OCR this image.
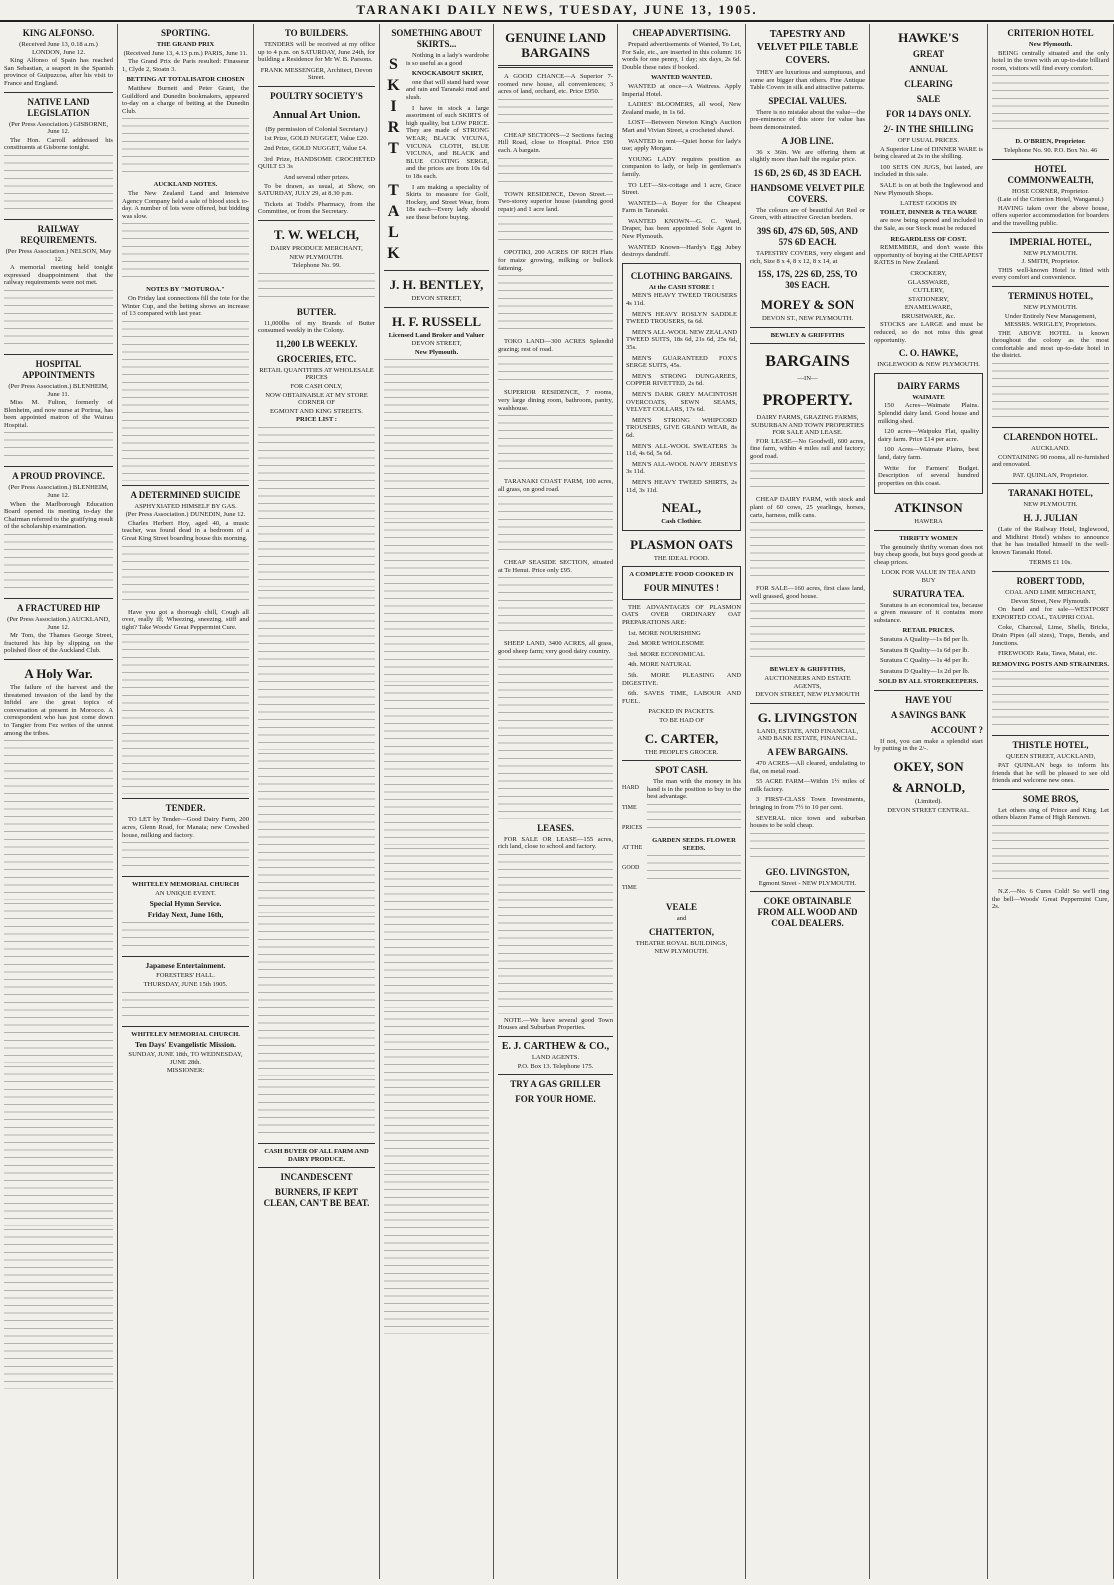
TARANAKI DAILY NEWS, TUESDAY, JUNE 13, 1905.
KING ALFONSO.
(Received June 13, 0.18 a.m.) LONDON, June 12.
King Alfonso of Spain has reached San Sebastian, a seaport in the Spanish province of Guipuzcoa, after his visit to France and England.
NATIVE LAND LEGISLATION
(Per Press Association.) GISBORNE, June 12.
The Hon. Carroll addressed his constituents at Gisborne tonight.
RAILWAY REQUIREMENTS.
(Per Press Association.) NELSON, May 12.
A memorial meeting held tonight expressed disappointment that the railway requirements were not met.
HOSPITAL APPOINTMENTS
(Per Press Association.) BLENHEIM, June 11.
Miss M. Fulton, formerly of Blenheim, and now nurse at Porirua, has been appointed matron of the Wairau Hospital.
A PROUD PROVINCE.
(Per Press Association.) BLENHEIM, June 12.
When the Marlborough Education Board opened its meeting to-day the Chairman referred to the gratifying result of the scholarship examination.
A FRACTURED HIP
(Per Press Association.) AUCKLAND, June 12.
Mr Tom, the Thames George Street, fractured his hip by slipping on the polished floor of the Auckland Club.
A Holy War.
The failure of the harvest and the threatened invasion of the land by the Infidel are the great topics of conversation at present in Morocco. A correspondent who has just come down to Tangier from Fez writes of the unrest among the tribes.
SPORTING.
THE GRAND PRIX
(Received June 13, 4.13 p.m.) PARIS, June 11.
The Grand Prix de Paris resulted: Finasseur 1, Clyde 2, Stoatn 3.
BETTING AT TOTALISATOR CHOSEN
Matthew Burnett and Peter Grant, the Guildford and Dunedin bookmakers, appeared to-day on a charge of betting at the Dunedin Club.
AUCKLAND NOTES.
The New Zealand Land and Intensive Agency Company held a sale of blood stock to-day. A number of lots were offered, but bidding was slow.
NOTES BY "MOTUROA."
On Friday last connections fill the tote for the Winter Cup, and the betting shows an increase of 13 compared with last year.
A DETERMINED SUICIDE
ASPHYXIATED HIMSELF BY GAS.
(Per Press Association.) DUNEDIN, June 12.
Charles Herbert Hoy, aged 40, a music teacher, was found dead in a bedroom of a Great King Street boarding house this morning.
Have you got a thorough chill, Cough all over, really ill; Wheezing, sneezing, stiff and tight? Take Woods' Great Peppermint Cure.
TENDER.
TO LET by Tender—Good Dairy Farm, 200 acres, Glenn Road, for Manaia; new Cowshed house, milking and factory.
WHITELEY MEMORIAL CHURCH
AN UNIQUE EVENT.
Special Hymn Service.
Friday Next, June 16th,
Japanese Entertainment.
FORESTERS' HALL.
THURSDAY, JUNE 15th 1905.
WHITELEY MEMORIAL CHURCH.
Ten Days' Evangelistic Mission.
SUNDAY, JUNE 18th, TO WEDNESDAY, JUNE 28th.
MISSIONER:
TO BUILDERS.
TENDERS will be received at my office up to 4 p.m. on SATURDAY, June 24th, for building a Residence for Mr W. B. Parsons.
FRANK MESSENGER, Architect, Devon Street.
POULTRY SOCIETY'S
Annual Art Union.
(By permission of Colonial Secretary.)
1st Prize, GOLD NUGGET, Value £20.
2nd Prize, GOLD NUGGET, Value £4.
3rd Prize, HANDSOME CROCHETED QUILT £3 3s
And several other prizes.
To be drawn, as usual, at Show, on SATURDAY, JULY 29, at 8.30 p.m.
Tickets at Todd's Pharmacy, from the Committee, or from the Secretary.
T. W. WELCH,
DAIRY PRODUCE MERCHANT,
NEW PLYMOUTH.
Telephone No. 99.
BUTTER.
11,000lbs of my Brands of Butter consumed weekly in the Colony.
11,200 LB WEEKLY.
GROCERIES, ETC.
RETAIL QUANTITIES AT WHOLESALE PRICES
FOR CASH ONLY,
NOW OBTAINABLE AT MY STORE CORNER OF
EGMONT AND KING STREETS.
PRICE LIST :
CASH BUYER OF ALL FARM AND DAIRY PRODUCE.
INCANDESCENT
BURNERS, IF KEPT CLEAN, CAN'T BE BEAT.
SOMETHING ABOUT SKIRTS...
SKIRT TALK
Nothing in a lady's wardrobe is so useful as a good
KNOCKABOUT SKIRT,
one that will stand hard wear and rain and Taranaki mud and slush.
I have in stock a large assortment of such SKIRTS of high quality, but LOW PRICE. They are made of STRONG WEAR; BLACK VICUNA, VICUNA CLOTH, BLUE VICUNA, and BLACK and BLUE COATING SERGE, and the prices are from 10s 6d to 18s each.
I am making a speciality of Skirts to measure for Golf, Hockey, and Street Wear, from 18s each—Every lady should see these before buying.
J. H. BENTLEY,
DEVON STREET,
H. F. RUSSELL
Licensed Land Broker and Valuer
DEVON STREET,
New Plymouth.
GENUINE LAND BARGAINS
A GOOD CHANCE—A Superior 7-roomed new house, all conveniences; 3 acres of land, orchard, etc. Price £950.
CHEAP SECTIONS—2 Sections facing Hill Road, close to Hospital. Price £90 each. A bargain.
TOWN RESIDENCE, Devon Street.—Two-storey superior house (standing good repair) and 1 acre land.
OPOTIKI, 200 ACRES OF RICH Flats for maize growing, milking or bullock fattening.
TOKO LAND—300 ACRES Splendid grazing; rest of road.
SUPERIOR RESIDENCE, 7 rooms, very large dining room, bathroom, pantry, washhouse.
TARANAKI COAST FARM, 100 acres, all grass, on good road.
CHEAP SEASIDE SECTION, situated at Te Henui. Price only £95.
SHEEP LAND, 3400 ACRES, all grass, good sheep farm; very good dairy country.
LEASES.
FOR SALE OR LEASE—155 acres, rich land, close to school and factory.
NOTE.—We have several good Town Houses and Suburban Properties.
E. J. CARTHEW & CO.,
LAND AGENTS.
P.O. Box 13. Telephone 175.
TRY A GAS GRILLER
FOR YOUR HOME.
CHEAP ADVERTISING.
Prepaid advertisements of Wanted, To Let, For Sale, etc., are inserted in this column: 16 words for one penny, 1 day; six days, 2s 6d. Double these rates if booked.
WANTED WANTED.
WANTED at once—A Waitress. Apply Imperial Hotel.
LADIES' BLOOMERS, all wool, New Zealand made, in 1s 6d.
LOST—Between Newton King's Auction Mart and Vivian Street, a crocheted shawl.
WANTED to rent—Quiet horse for lady's use; apply Morgan.
YOUNG LADY requires position as companion to lady, or help in gentleman's family.
TO LET—Six-cottage and 1 acre, Grace Street.
WANTED—A Buyer for the Cheapest Farm in Taranaki.
WANTED KNOWN—G. C. Ward, Draper, has been appointed Sole Agent in New Plymouth.
WANTED Known—Hardy's Egg Jubey destroys dandruff.
CLOTHING BARGAINS.
At the CASH STORE !
MEN'S HEAVY TWEED TROUSERS 4s 11d.
MEN'S HEAVY ROSLYN SADDLE TWEED TROUSERS, 6s 6d.
MEN'S ALL-WOOL NEW ZEALAND TWEED SUITS, 18s 6d, 21s 6d, 25s 6d, 35s.
MEN'S GUARANTEED FOX'S SERGE SUITS, 45s.
MEN'S STRONG DUNGAREES, COPPER RIVETTED, 2s 6d.
MEN'S DARK GREY MACINTOSH OVERCOATS, SEWN SEAMS, VELVET COLLARS, 17s 6d.
MEN'S STRONG WHIPCORD TROUSERS, GIVE GRAND WEAR, 8s 6d.
MEN'S ALL-WOOL SWEATERS 3s 11d, 4s 6d, 5s 6d.
MEN'S ALL-WOOL NAVY JERSEYS 3s 11d.
MEN'S HEAVY TWEED SHIRTS, 2s 11d, 3s 11d.
NEAL,
Cash Clothier.
PLASMON OATS
THE IDEAL FOOD.
A COMPLETE FOOD COOKED IN
FOUR MINUTES !
THE ADVANTAGES OF PLASMON OATS OVER ORDINARY OAT PREPARATIONS ARE:
1st. MORE NOURISHING
2nd. MORE WHOLESOME
3rd. MORE ECONOMICAL
4th. MORE NATURAL
5th. MORE PLEASING AND DIGESTIVE.
6th. SAVES TIME, LABOUR AND FUEL.
PACKED IN PACKETS.
TO BE HAD OF
C. CARTER,
THE PEOPLE'S GROCER.
SPOT CASH.
HARD
TIME
PRICES
AT THE
GOOD
TIME
The man with the money in his hand is in the position to buy to the best advantage.
GARDEN SEEDS. FLOWER SEEDS.
VEALE
and
CHATTERTON,
THEATRE ROYAL BUILDINGS,
NEW PLYMOUTH.
TAPESTRY AND VELVET PILE TABLE COVERS.
THEY are luxurious and sumptuous, and some are bigger than others. Fine Antique Table Covers in silk and attractive patterns.
SPECIAL VALUES.
There is no mistake about the value—the pre-eminence of this store for value has been demonstrated.
A JOB LINE.
36 x 36in. We are offering them at slightly more than half the regular price.
1S 6D, 2S 6D, 4S 3D EACH.
HANDSOME VELVET PILE COVERS.
The colours are of beautiful Art Red or Green, with attractive Grecian borders.
39S 6D, 47S 6D, 50S, AND 57S 6D EACH.
TAPESTRY COVERS, very elegant and rich, Size 8 x 4, 8 x 12, 8 x 14, at
15S, 17S, 22S 6D, 25S, TO 30S EACH.
MOREY & SON
DEVON ST., NEW PLYMOUTH.
BEWLEY & GRIFFITHS
BARGAINS
—IN—
PROPERTY.
DAIRY FARMS, GRAZING FARMS, SUBURBAN AND TOWN PROPERTIES FOR SALE AND LEASE.
FOR LEASE—No Goodwill, 600 acres, fine farm, within 4 miles rail and factory; good road.
CHEAP DAIRY FARM, with stock and plant of 60 cows, 25 yearlings, horses, carts, harness, milk cans.
FOR SALE—160 acres, first class land, well grassed, good house.
BEWLEY & GRIFFITHS,
AUCTIONEERS AND ESTATE AGENTS,
DEVON STREET, NEW PLYMOUTH
G. LIVINGSTON
LAND, ESTATE, AND FINANCIAL, AND BANK ESTATE, FINANCIAL.
A FEW BARGAINS.
470 ACRES—All cleared, undulating to flat, on metal road.
55 ACRE FARM—Within 1½ miles of milk factory.
3 FIRST-CLASS Town Investments, bringing in from 7½ to 10 per cent.
SEVERAL nice town and suburban houses to be sold cheap.
GEO. LIVINGSTON,
Egmont Street - NEW PLYMOUTH.
COKE OBTAINABLE FROM ALL WOOD AND COAL DEALERS.
HAWKE'S
GREAT
ANNUAL
CLEARING
SALE
FOR 14 DAYS ONLY.
2/- IN THE SHILLING
OFF USUAL PRICES.
A Superior Line of DINNER WARE is being cleared at 2s in the shilling.
100 SETS ON JUGS, but lasted, are included in this sale.
SALE is on at both the Inglewood and New Plymouth Shops.
LATEST GOODS IN
TOILET, DINNER & TEA WARE
are now being opened and included in the Sale, as our Stock must be reduced
REGARDLESS OF COST.
REMEMBER, and don't waste this opportunity of buying at the CHEAPEST RATES in New Zealand.
CROCKERY,
GLASSWARE,
CUTLERY,
STATIONERY,
ENAMELWARE,
BRUSHWARE, &c.
STOCKS are LARGE and must be reduced, so do not miss this great opportunity.
C. O. HAWKE,
INGLEWOOD & NEW PLYMOUTH.
DAIRY FARMS
WAIMATE
150 Acres—Waimate Plains. Splendid dairy land. Good house and milking shed.
120 acres—Waipuku Flat, quality dairy farm. Price £14 per acre.
100 Acres—Waimate Plains, best land, dairy farm.
Write for Farmers' Budget. Description of several hundred properties on this coast.
ATKINSON
HAWERA
THRIFTY WOMEN
The genuinely thrifty woman does not buy cheap goods, but buys good goods at cheap prices.
LOOK FOR VALUE IN TEA AND BUY
SURATURA TEA.
Suratura is an economical tea, because a given measure of it contains more substance.
RETAIL PRICES.
Suratura A Quality—1s 8d per lb.
Suratura B Quality—1s 6d per lb.
Suratura C Quality—1s 4d per lb.
Suratura D Quality—1s 2d per lb.
SOLD BY ALL STOREKEEPERS.
HAVE YOU
A SAVINGS BANK
ACCOUNT ?
If not, you can make a splendid start by putting in the 2/-.
OKEY, SON
& ARNOLD,
(Limited).
DEVON STREET CENTRAL.
CRITERION HOTEL
New Plymouth.
BEING centrally situated and the only hotel in the town with an up-to-date billiard room, visitors will find every comfort.
D. O'BRIEN, Proprietor.
Telephone No. 90. P.O. Box No. 46
HOTEL COMMONWEALTH,
HOSE CORNER, Proprietor.
(Late of the Criterion Hotel, Wanganui.)
HAVING taken over the above house, offers superior accommodation for boarders and the travelling public.
IMPERIAL HOTEL,
NEW PLYMOUTH.
J. SMITH, Proprietor.
THIS well-known Hotel is fitted with every comfort and convenience.
TERMINUS HOTEL,
NEW PLYMOUTH.
Under Entirely New Management,
MESSRS. WRIGLEY, Proprietors.
THE ABOVE HOTEL is known throughout the colony as the most comfortable and most up-to-date hotel in the district.
CLARENDON HOTEL.
AUCKLAND.
CONTAINING 90 rooms, all re-furnished and renovated.
PAT. QUINLAN, Proprietor.
TARANAKI HOTEL,
NEW PLYMOUTH.
H. J. JULIAN
(Late of the Railway Hotel, Inglewood, and Midhirst Hotel) wishes to announce that he has installed himself in the well-known Taranaki Hotel.
TERMS £1 10s.
ROBERT TODD,
COAL AND LIME MERCHANT,
Devon Street, New Plymouth.
On hand and for sale—WESTPORT EXPORTED COAL, TAUPIRI COAL
Coke, Charcoal, Lime, Shells, Bricks, Drain Pipes (all sizes), Traps, Bends, and Junctions.
FIREWOOD: Rata, Tawa, Matai, etc.
REMOVING POSTS AND STRAINERS.
THISTLE HOTEL,
QUEEN STREET, AUCKLAND,
PAT QUINLAN begs to inform his friends that he will be pleased to see old friends and welcome new ones.
SOME BROS,
Let others sing of Prince and King. Let others blazon Fame of High Renown.
N.Z.—No. 6 Cures Cold! So we'll ring the bell—Woods' Great Peppermint Cure, 2s.
